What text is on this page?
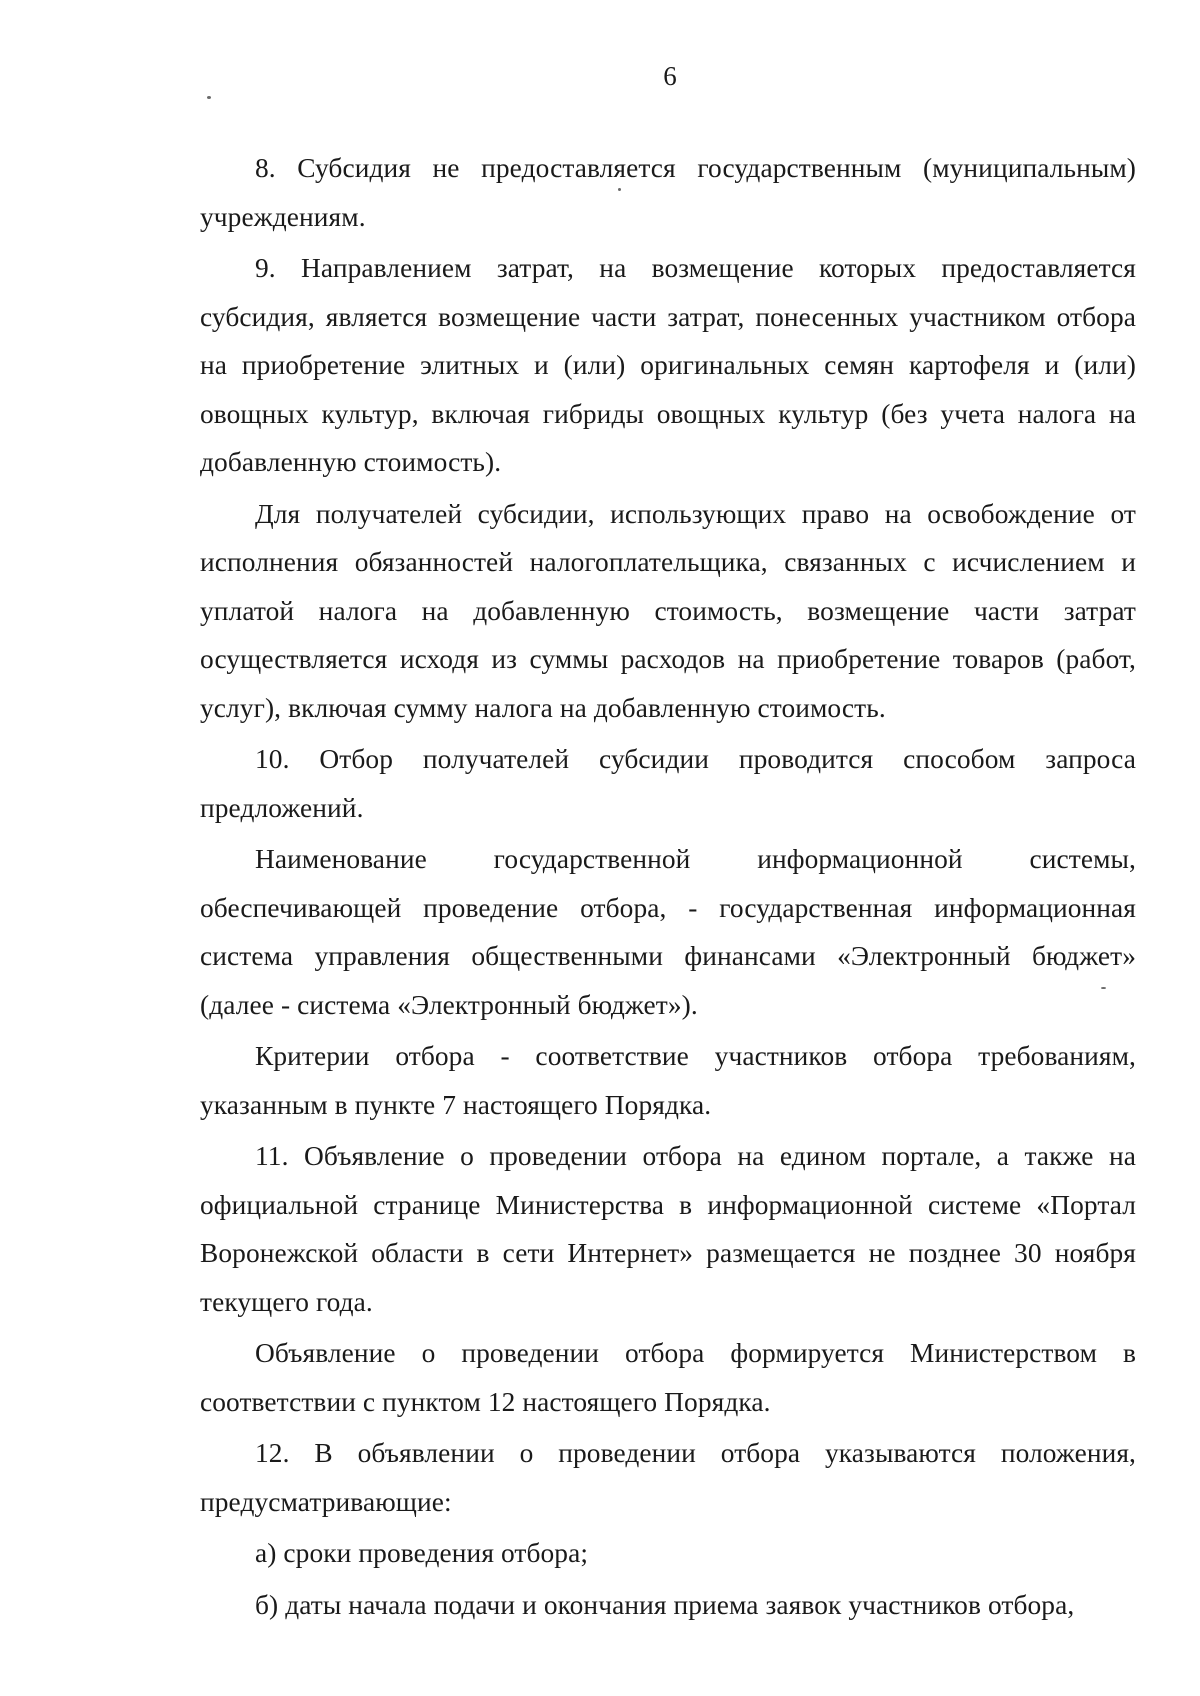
6

8. Субсидия не предоставляется государственным (муниципальным) учреждениям.

9. Направлением затрат, на возмещение которых предоставляется субсидия, является возмещение части затрат, понесенных участником отбора на приобретение элитных и (или) оригинальных семян картофеля и (или) овощных культур, включая гибриды овощных культур (без учета налога на добавленную стоимость).

Для получателей субсидии, использующих право на освобождение от исполнения обязанностей налогоплательщика, связанных с исчислением и уплатой налога на добавленную стоимость, возмещение части затрат осуществляется исходя из суммы расходов на приобретение товаров (работ, услуг), включая сумму налога на добавленную стоимость.

10. Отбор получателей субсидии проводится способом запроса предложений.

Наименование государственной информационной системы, обеспечивающей проведение отбора, - государственная информационная система управления общественными финансами «Электронный бюджет» (далее - система «Электронный бюджет»).

Критерии отбора - соответствие участников отбора требованиям, указанным в пункте 7 настоящего Порядка.

11. Объявление о проведении отбора на едином портале, а также на официальной странице Министерства в информационной системе «Портал Воронежской области в сети Интернет» размещается не позднее 30 ноября текущего года.

Объявление о проведении отбора формируется Министерством в соответствии с пунктом 12 настоящего Порядка.

12. В объявлении о проведении отбора указываются положения, предусматривающие:

а) сроки проведения отбора;

б) даты начала подачи и окончания приема заявок участников отбора,
